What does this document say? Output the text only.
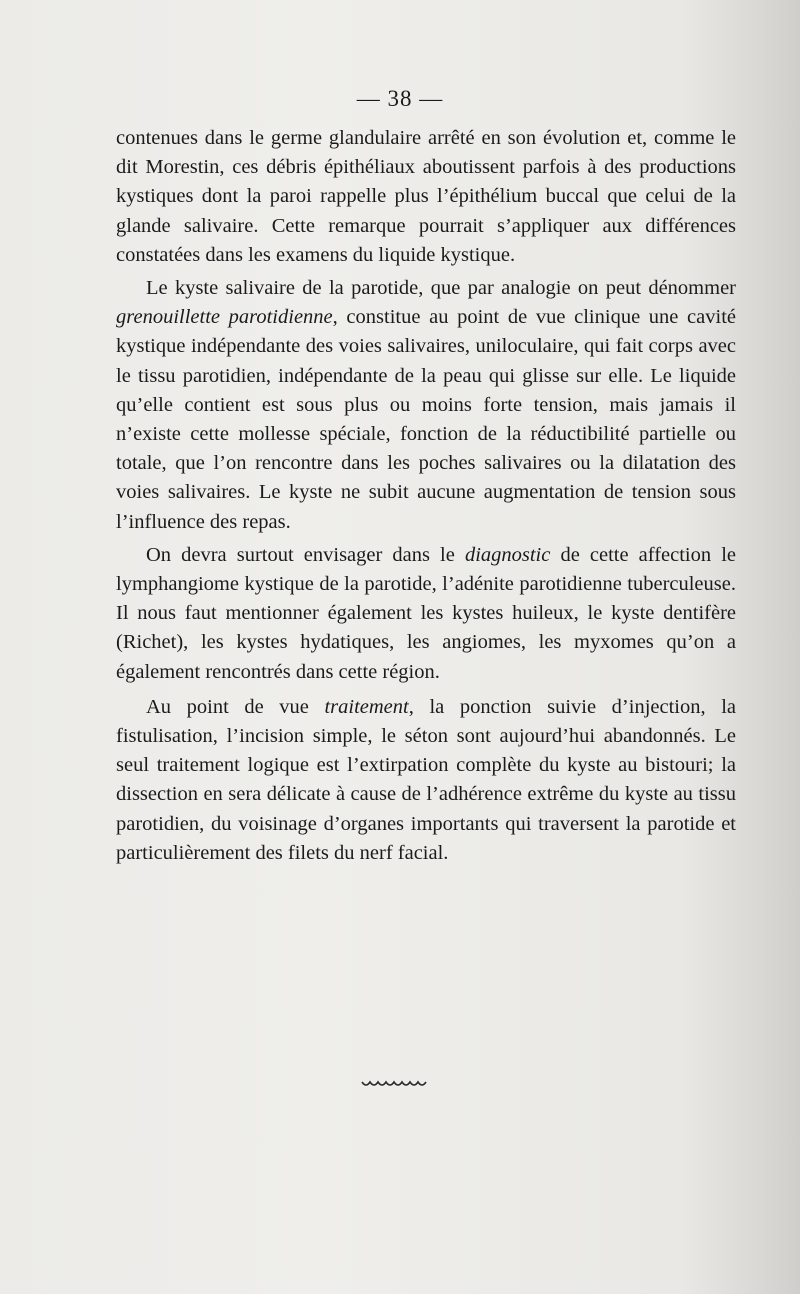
— 38 —

contenues dans le germe glandulaire arrêté en son évolution et, comme le dit Morestin, ces débris épithéliaux aboutissent parfois à des productions kystiques dont la paroi rappelle plus l’épithélium buccal que celui de la glande salivaire. Cette remarque pourrait s’appliquer aux différences constatées dans les examens du liquide kystique.

Le kyste salivaire de la parotide, que par analogie on peut dénommer grenouillette parotidienne, constitue au point de vue clinique une cavité kystique indépendante des voies salivaires, uniloculaire, qui fait corps avec le tissu parotidien, indépendante de la peau qui glisse sur elle. Le liquide qu’elle contient est sous plus ou moins forte tension, mais jamais il n’existe cette mollesse spéciale, fonction de la réductibilité partielle ou totale, que l’on rencontre dans les poches salivaires ou la dilatation des voies salivaires. Le kyste ne subit aucune augmentation de tension sous l’influence des repas.

On devra surtout envisager dans le diagnostic de cette affection le lymphangiome kystique de la parotide, l’adénite parotidienne tuberculeuse. Il nous faut mentionner également les kystes huileux, le kyste dentifère (Richet), les kystes hydatiques, les angiomes, les myxomes qu’on a également rencontrés dans cette région.

Au point de vue traitement, la ponction suivie d’injection, la fistulisation, l’incision simple, le séton sont aujourd’hui abandonnés. Le seul traitement logique est l’extirpation complète du kyste au bistouri; la dissection en sera délicate à cause de l’adhérence extrême du kyste au tissu parotidien, du voisinage d’organes importants qui traversent la parotide et particulièrement des filets du nerf facial.
